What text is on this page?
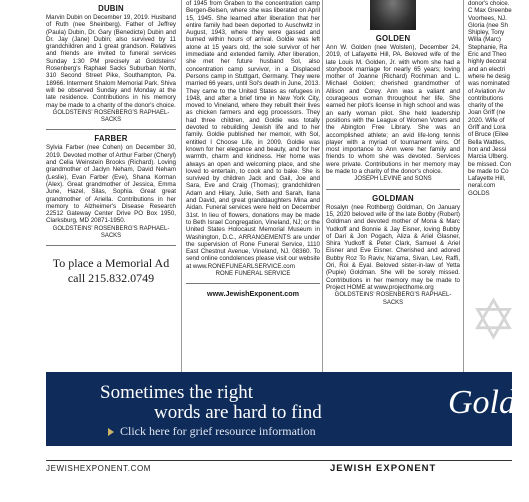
DUBIN
Marvin Dubin on December 19, 2019. Husband of Ruth (nee Sheinberg). Father of Jeffrey (Paula) Dubin, Dr. Gary (Benedicte) Dubin and Dr. Jay (Jane) Dubin; also survived by 11 grandchildren and 1 great grandson. Relatives and friends are invited to funeral services Sunday 1:30 PM precisely at Goldsteins' Rosenberg's Raphael Sacks Suburban North, 310 Second Street Pike, Southampton, Pa. 18966. Interment Shalom Memorial Park. Shiva will be observed Sunday and Monday at the late residence. Contributions in his memory may be made to a charity of the donor's choice.
GOLDSTEINS' ROSENBERG'S RAPHAEL-SACKS
FARBER
Sylvia Farber (nee Cohen) on December 30, 2019. Devoted mother of Arthur Farber (Cheryl) and Celia Weinstein Brooks (Richard). Loving grandmother of Jaclyn Neham, David Neham (Leslie), Evan Farber (Eve), Shana Korman (Alex). Great grandmother of Jessica, Emma June, Hazel, Silas, Sophia. Great great grandmother of Ariella. Contributions in her memory to Alzheimer's Disease Research 22512 Gateway Center Drive PO Box 1950, Clarksburg, MD 20871-1950.
GOLDSTEINS' ROSENBERG'S RAPHAEL-SACKS
To place a Memorial Ad
call 215.832.0749
of 1945 from Graben to the concentration camp Bergen-Belsen, where she was liberated on April 15, 1945. She learned after liberation that her entire family had been deported to Auschwitz in August, 1943, where they were gassed and burned within hours of arrival. Goldie was left alone at 15 years old, the sole survivor of her immediate and extended family. After liberation, she met her future husband Sol, also concentration camp survivor, in a Displaced Persons camp in Stuttgart, Germany. They were married 66 years, until Sol's death in June, 2013. They came to the United States as refugees in 1948, and after a brief time in New York City, moved to Vineland, where they rebuilt their lives as chicken farmers and egg processors. They had three children, and Goldie was totally devoted to rebuilding Jewish life and to her family. Goldie published her memoir, with Sol, entitled I Choose Life, in 2009. Goldie was known for her elegance and beauty, and for her warmth, charm and kindness. Her home was always an open and welcoming place, and she loved to entertain, to cook and to bake. She is survived by children Jack and Gail, Joe and Sara, Eve and Craig (Thomas); grandchildren Adam and Hilary, Julie, Seth and Sarah, Ilana and David, and great granddaughters Mina and Aidan. Funeral services were held on December 31st. In lieu of flowers, donations may be made to Beth Israel Congregation, Vineland, NJ; or the United States Holocaust Memorial Museum in Washington, D.C., ARRANGEMENTS are under the supervision of Rone Funeral Service, 1110 East Chestnut Avenue, Vineland, NJ. 08360. To send online condolences please visit our website at www.RONEFUNEARLSERVICE.com
RONE FUNERAL SERVICE
www.JewishExponent.com
GOLDEN
Ann W. Golden (nee Wolsten), December 24, 2019, of Lafayette Hill, PA. Beloved wife of the late Louis M. Golden, Jr. with whom she had a storybook marriage for nearly 65 years; loving mother of Joanne (Richard) Rochman and L. Michael Golden; cherished grandmother of Allison and Corey. Ann was a valiant and courageous woman throughout her life. She earned her pilot's license in high school and was an early woman pilot. She held leadership positions with the League of Women Voters and the Abington Free Library. She was an accomplished athlete; an avid life-long tennis player with a myriad of tournament wins. Of most importance to Ann were her family and friends to whom she was devoted. Services were private. Contributions in her memory may be made to a charity of the donor's choice.
JOSEPH LEVINE and SONS
GOLDMAN
Rosalyn (nee Rothberg) Goldman, On January 15, 2020 beloved wife of the late Bobby (Robert) Goldman and devoted mother of Mona & Marc Yudkoff and Bonnie & Jay Eisner, loving Bubby of Dari & Jon Pogach, Aliza & Ariel Glasner, Shira Yudkoff & Peter Clark, Samuel & Ariel Eisner and Eve Eisner. Cherished and adored Bubby Roz To Raviv, Na'ama, Sivan, Lev, Raffi, Ori, Roi & Eyal. Beloved sister-in-law of Yetta (Pupie) Goldman. She will be sorely missed. Contributions in her memory may be made to Project HOME at www.projecthome.org
GOLDSTEINS' ROSENBERG'S RAPHAEL-SACKS
donor's choice. C Max Greenbe Voorhees, NJ. Gloria (nee Sh Shipley, Tony Willa (Marc) Stephanie, Ra Eric and Theo highly decorat and an electri where he desig was nominated of Aviation Av contributions charity of the Joan Griff (ne 2020. Wife of Griff and Lora of Bruce (Eilee Bella Wattles, hon and Jessi Marcia Ulberg. be missed. Con be made to Co Lafayette Hill, neral.com GOLDS
✡
Sometimes the right
words are hard to find
Click here for grief resource information
Golds
JEWISHEXPONENT.COM	JEWISH EXPONENT
